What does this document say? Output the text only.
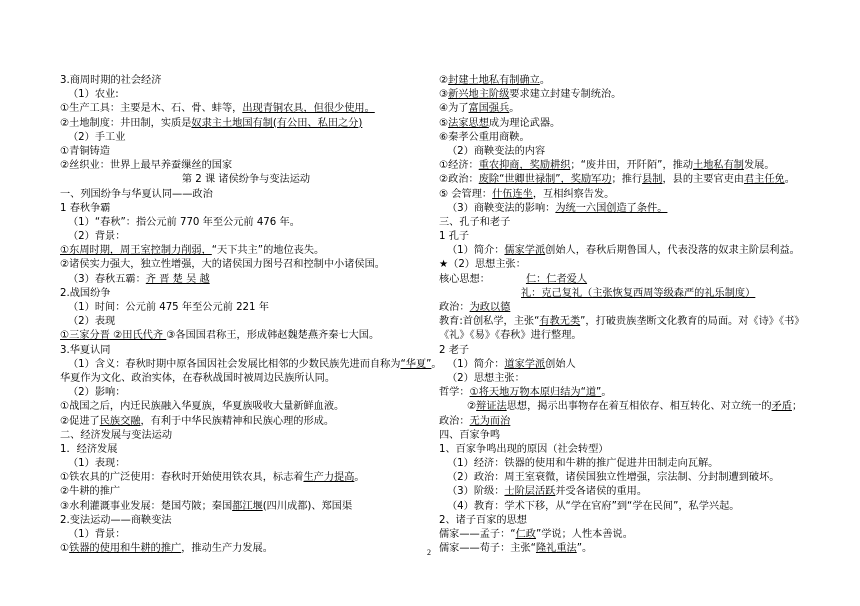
3.商周时期的社会经济
（1）农业:
①生产工具：主要是木、石、骨、蚌等，出现青铜农具，但很少使用。
②土地制度：井田制，实质是奴隶主土地国有制(有公田、私田之分)
（2）手工业
①青铜铸造
②丝织业：世界上最早养蚕缫丝的国家
第 2 课 诸侯纷争与变法运动
一、列国纷争与华夏认同——政治
1 春秋争霸
（1）“春秋”：指公元前 770 年至公元前 476 年。
（2）背景：
①东周时期，周王室控制力削弱，“天下共主”的地位丧失。
②诸侯实力强大，独立性增强，大的诸侯国力图号召和控制中小诸侯国。
（3）春秋五霸：齐 晋 楚 吴 越
2.战国纷争
（1）时间：公元前 475 年至公元前 221 年
（2）表现
①三家分晋 ②田氏代齐 ③各国国君称王，形成韩赵魏楚燕齐秦七大国。
3.华夏认同
（1）含义：春秋时期中原各国因社会发展比相邻的少数民族先进而自称为“华夏”。
华夏作为文化、政治实体，在春秋战国时被周边民族所认同。
（2）影响：
①战国之后，内迁民族融入华夏族，华夏族吸收大量新鲜血液。
②促进了民族交融，有利于中华民族精神和民族心理的形成。
二、经济发展与变法运动
1．经济发展
（1）表现：
①铁农具的广泛使用：春秋时开始使用铁农具，标志着生产力提高。
②牛耕的推广
③水利灌溉事业发展：楚国芍陂；秦国都江堰(四川成都)、郑国渠
2.变法运动——商鞅变法
（1）背景：
①铁器的使用和牛耕的推广，推动生产力发展。
②封建土地私有制确立。
③新兴地主阶级要求建立封建专制统治。
④为了富国强兵。
⑤法家思想成为理论武器。
⑥秦孝公重用商鞅。
（2）商鞅变法的内容
①经济：重农抑商，奖励耕织；“废井田，开阡陌”，推动土地私有制发展。
②政治：废除“世卿世禄制”，奖励军功；推行县制，县的主要官吏由君主任免。
⑤ 会管理：什伍连坐，互相纠察告发。
（3）商鞅变法的影响：为统一六国创造了条件。
三、孔子和老子
1 孔子
（1）简介：儒家学派创始人，春秋后期鲁国人，代表没落的奴隶主阶层利益。
★（2）思想主张：
核心思想：	仁：仁者爱人
礼：克己复礼（主张恢复西周等级森严的礼乐制度）
政治：为政以德
教育:首创私学，主张“有教无类”，打破贵族垄断文化教育的局面。对《诗》《书》
《礼》《易》《春秋》进行整理。
2 老子
（1）简介：道家学派创始人
（2）思想主张：
哲学：①将天地万物本原归结为“道”。
②辩证法思想，揭示出事物存在着互相依存、相互转化、对立统一的矛盾；
政治：无为而治
四、百家争鸣
1、百家争鸣出现的原因（社会转型）
（1）经济：铁器的使用和牛耕的推广促进井田制走向瓦解。
（2）政治：周王室衰微，诸侯国独立性增强，宗法制、分封制遭到破坏。
（3）阶级：士阶层活跃并受各诸侯的重用。
（4）教育：学术下移，从“学在官府”到“学在民间”，私学兴起。
2、诸子百家的思想
儒家——孟子：“仁政”学说；人性本善说。
儒家——荀子：主张“隆礼重法”。
2
